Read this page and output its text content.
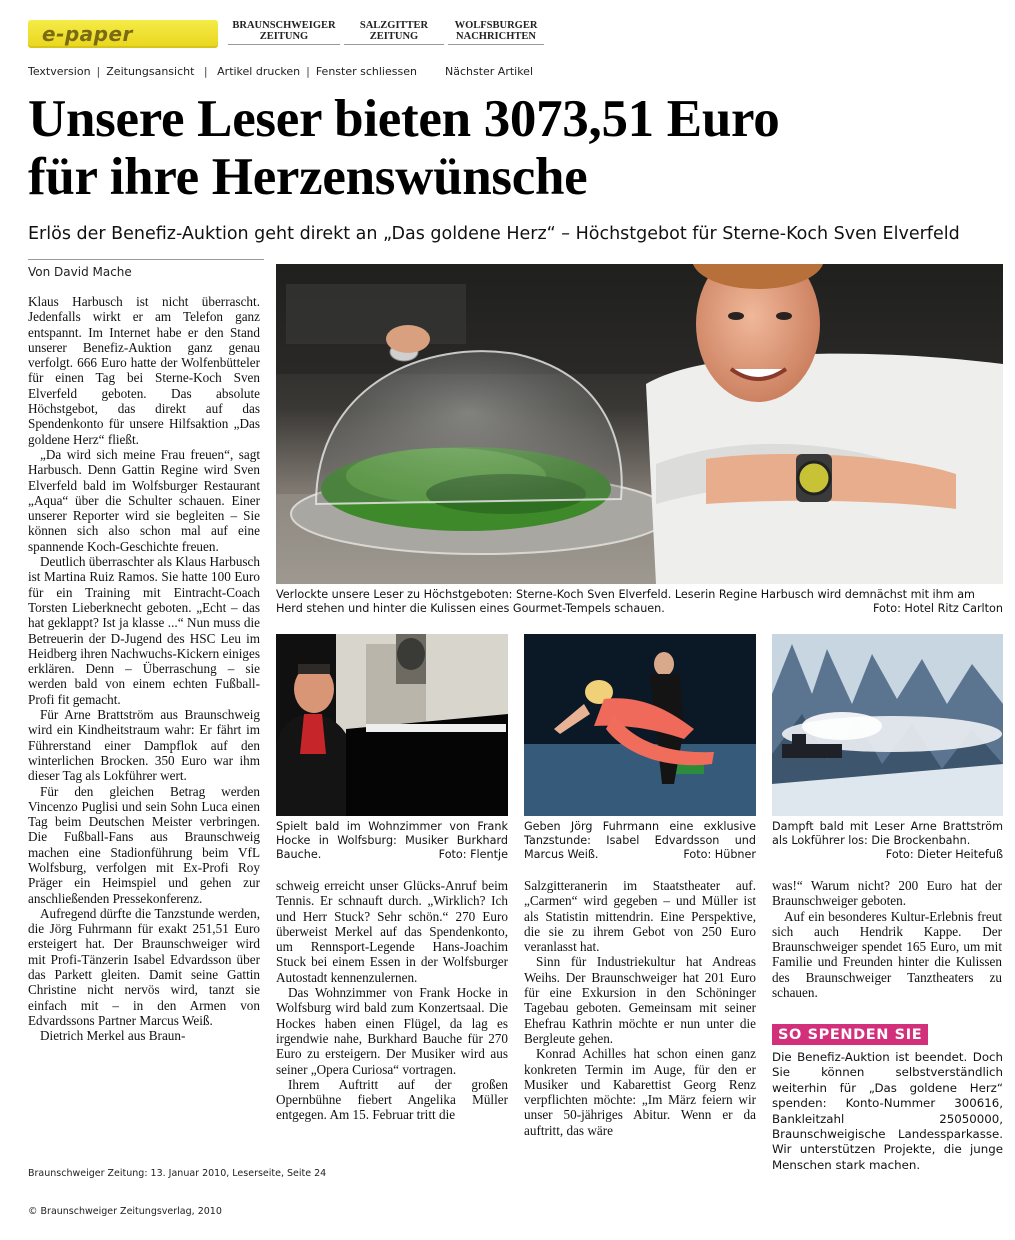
e-paper	BRAUNSCHWEIGER
ZEITUNG
SALZGITTER
ZEITUNG
WOLFSBURGER
NACHRICHTEN
Textversion | Zeitungsansicht | Artikel drucken | Fenster schliessen	Nächster Artikel
Unsere Leser bieten 3073,51 Euro
für ihre Herzenswünsche
Erlös der Benefiz-Auktion geht direkt an „Das goldene Herz“ – Höchstgebot für Sterne-Koch Sven Elverfeld
Von David Mache

Klaus Harbusch ist nicht überrascht. Jedenfalls wirkt er am Telefon ganz entspannt. Im Internet habe er den Stand unserer Benefiz-Auktion ganz genau verfolgt. 666 Euro hatte der Wolfenbütteler für einen Tag bei Sterne-Koch Sven Elverfeld geboten. Das absolute Höchstgebot, das direkt auf das Spendenkonto für unsere Hilfsaktion „Das goldene Herz“ fließt.

„Da wird sich meine Frau freuen“, sagt Harbusch. Denn Gattin Regine wird Sven Elverfeld bald im Wolfsburger Restaurant „Aqua“ über die Schulter schauen. Einer unserer Reporter wird sie begleiten – Sie können sich also schon mal auf eine spannende Koch-Geschichte freuen.

Deutlich überraschter als Klaus Harbusch ist Martina Ruiz Ramos. Sie hatte 100 Euro für ein Training mit Eintracht-Coach Torsten Lieberknecht geboten. „Echt – das hat geklappt? Ist ja klasse ...“ Nun muss die Betreuerin der D-Jugend des HSC Leu im Heidberg ihren Nachwuchs-Kickern einiges erklären. Denn – Überraschung – sie werden bald von einem echten Fußball-Profi fit gemacht.

Für Arne Brattström aus Braunschweig wird ein Kindheitstraum wahr: Er fährt im Führerstand einer Dampflok auf den winterlichen Brocken. 350 Euro war ihm dieser Tag als Lokführer wert.

Für den gleichen Betrag werden Vincenzo Puglisi und sein Sohn Luca einen Tag beim Deutschen Meister verbringen. Die Fußball-Fans aus Braunschweig machen eine Stadionführung beim VfL Wolfsburg, verfolgen mit Ex-Profi Roy Präger ein Heimspiel und gehen zur anschließenden Pressekonferenz.

Aufregend dürfte die Tanzstunde werden, die Jörg Fuhrmann für exakt 251,51 Euro ersteigert hat. Der Braunschweiger wird mit Profi-Tänzerin Isabel Edvardsson über das Parkett gleiten. Damit seine Gattin Christine nicht nervös wird, tanzt sie einfach mit – in den Armen von Edvardssons Partner Marcus Weiß.

Dietrich Merkel aus Braun-

Verlockte unsere Leser zu Höchstgeboten: Sterne-Koch Sven Elverfeld. Leserin Regine Harbusch wird demnächst mit ihm am Herd stehen und hinter die Kulissen eines Gourmet-Tempels schauen.	Foto: Hotel Ritz Carlton
Spielt bald im Wohnzimmer von Frank Hocke in Wolfsburg: Musiker Burkhard Bauche.	Foto: Flentje
Geben Jörg Fuhrmann eine exklusive Tanzstunde: Isabel Edvardsson und Marcus Weiß.	Foto: Hübner
Dampft bald mit Leser Arne Brattström als Lokführer los: Die Brockenbahn.
Foto: Dieter Heitefuß

schweig erreicht unser Glücks-Anruf beim Tennis. Er schnauft durch. „Wirklich? Ich und Herr Stuck? Sehr schön.“ 270 Euro überweist Merkel auf das Spendenkonto, um Rennsport-Legende Hans-Joachim Stuck bei einem Essen in der Wolfsburger Autostadt kennenzulernen.

Das Wohnzimmer von Frank Hocke in Wolfsburg wird bald zum Konzertsaal. Die Hockes haben einen Flügel, da lag es irgendwie nahe, Burkhard Bauche für 270 Euro zu ersteigern. Der Musiker wird aus seiner „Opera Curiosa“ vortragen.

Ihrem Auftritt auf der großen Opernbühne fiebert Angelika Müller entgegen. Am 15. Februar tritt die

Salzgitteranerin im Staatstheater auf. „Carmen“ wird gegeben – und Müller ist als Statistin mittendrin. Eine Perspektive, die sie zu ihrem Gebot von 250 Euro veranlasst hat.

Sinn für Industriekultur hat Andreas Weihs. Der Braunschweiger hat 201 Euro für eine Exkursion in den Schöninger Tagebau geboten. Gemeinsam mit seiner Ehefrau Kathrin möchte er nun unter die Bergleute gehen.

Konrad Achilles hat schon einen ganz konkreten Termin im Auge, für den er Musiker und Kabarettist Georg Renz verpflichten möchte: „Im März feiern wir unser 50-jähriges Abitur. Wenn er da auftritt, das wäre

was!“ Warum nicht? 200 Euro hat der Braunschweiger geboten.

Auf ein besonderes Kultur-Erlebnis freut sich auch Hendrik Kappe. Der Braunschweiger spendet 165 Euro, um mit Familie und Freunden hinter die Kulissen des Braunschweiger Tanztheaters zu schauen.

SO SPENDEN SIE
Die Benefiz-Auktion ist beendet. Doch Sie können selbstverständlich weiterhin für „Das goldene Herz“ spenden: Konto-Nummer 300616, Bankleitzahl 25050000, Braunschweigische Landessparkasse. Wir unterstützen Projekte, die junge Menschen stark machen.
Braunschweiger Zeitung: 13. Januar 2010, Leserseite, Seite 24
© Braunschweiger Zeitungsverlag, 2010
